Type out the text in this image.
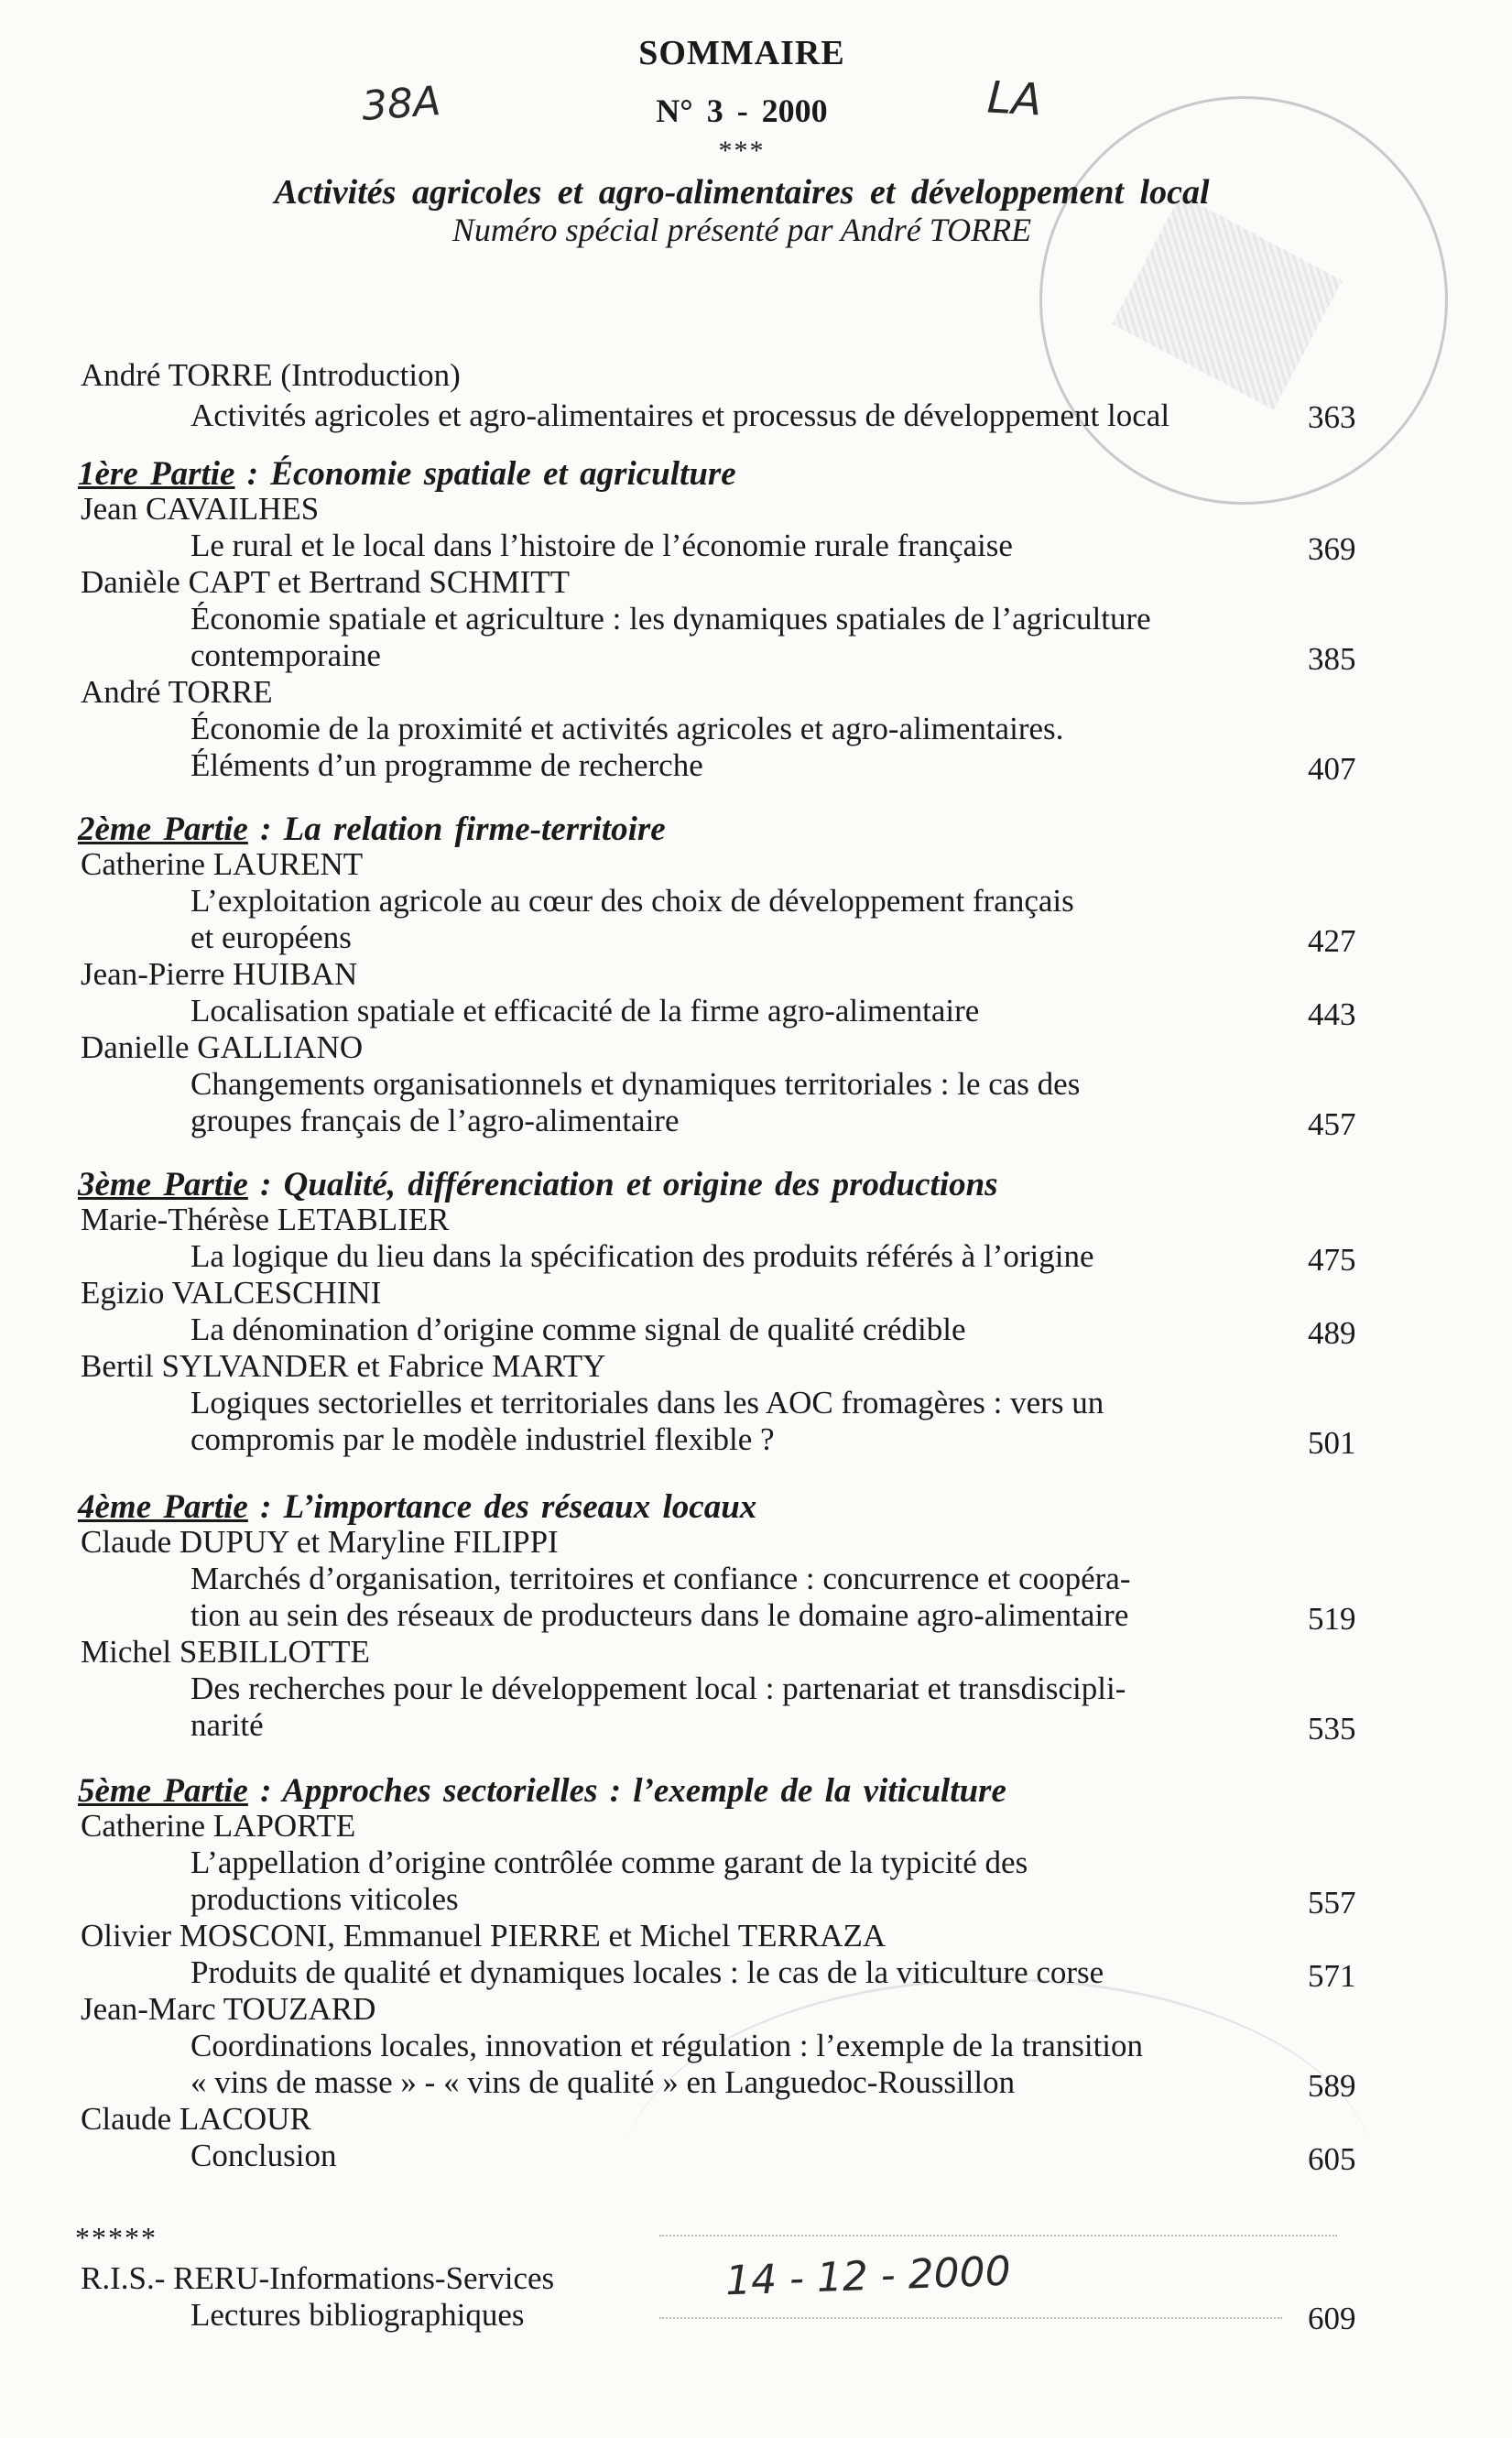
SOMMAIRE
N° 3 - 2000
***
Activités agricoles et agro-alimentaires et développement local
Numéro spécial présenté par André TORRE
38A	LA
André TORRE (Introduction)
Activités agricoles et agro-alimentaires et processus de développement local	363
1ère Partie : Économie spatiale et agriculture
Jean CAVAILHES
Le rural et le local dans l’histoire de l’économie rurale française	369
Danièle CAPT et Bertrand SCHMITT
Économie spatiale et agriculture : les dynamiques spatiales de l’agriculture
contemporaine	385
André TORRE
Économie de la proximité et activités agricoles et agro-alimentaires.
Éléments d’un programme de recherche	407
2ème Partie : La relation firme-territoire
Catherine LAURENT
L’exploitation agricole au cœur des choix de développement français
et européens	427
Jean-Pierre HUIBAN
Localisation spatiale et efficacité de la firme agro-alimentaire	443
Danielle GALLIANO
Changements organisationnels et dynamiques territoriales : le cas des
groupes français de l’agro-alimentaire	457
3ème Partie : Qualité, différenciation et origine des productions
Marie-Thérèse LETABLIER
La logique du lieu dans la spécification des produits référés à l’origine	475
Egizio VALCESCHINI
La dénomination d’origine comme signal de qualité crédible	489
Bertil SYLVANDER et Fabrice MARTY
Logiques sectorielles et territoriales dans les AOC fromagères : vers un
compromis par le modèle industriel flexible ?	501
4ème Partie : L’importance des réseaux locaux
Claude DUPUY et Maryline FILIPPI
Marchés d’organisation, territoires et confiance : concurrence et coopéra-
tion au sein des réseaux de producteurs dans le domaine agro-alimentaire	519
Michel SEBILLOTTE
Des recherches pour le développement local : partenariat et transdiscipli-
narité	535
5ème Partie : Approches sectorielles : l’exemple de la viticulture
Catherine LAPORTE
L’appellation d’origine contrôlée comme garant de la typicité des
productions viticoles	557
Olivier MOSCONI, Emmanuel PIERRE et Michel TERRAZA
Produits de qualité et dynamiques locales : le cas de la viticulture corse	571
Jean-Marc TOUZARD
Coordinations locales, innovation et régulation : l’exemple de la transition
« vins de masse » - « vins de qualité » en Languedoc-Roussillon	589
Claude LACOUR
Conclusion	605
*****
R.I.S.- RERU-Informations-Services
Lectures bibliographiques	609
14 - 12 - 2000
